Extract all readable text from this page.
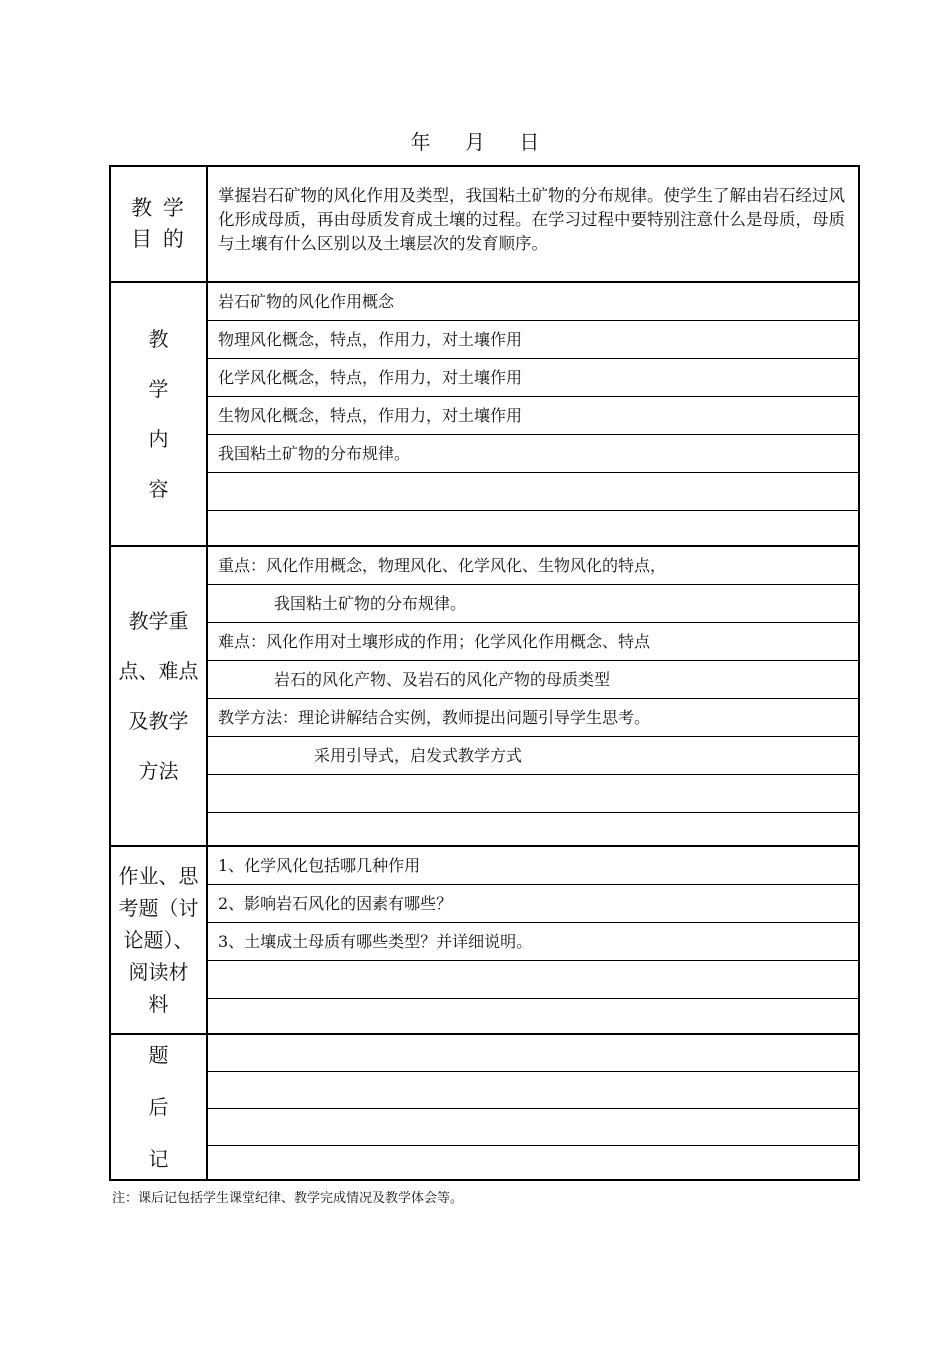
年 月 日
教 学
目 的
掌握岩石矿物的风化作用及类型，我国粘土矿物的分布规律。使学生了解由岩石经过风化形成母质，再由母质发育成土壤的过程。在学习过程中要特别注意什么是母质，母质与土壤有什么区别以及土壤层次的发育顺序。
教
学
内
容
岩石矿物的风化作用概念
物理风化概念，特点，作用力，对土壤作用
化学风化概念，特点，作用力，对土壤作用
生物风化概念，特点，作用力，对土壤作用
我国粘土矿物的分布规律。
教学重
点、难点
及教学
方法
重点：风化作用概念，物理风化、化学风化、生物风化的特点，
我国粘土矿物的分布规律。
难点：风化作用对土壤形成的作用；化学风化作用概念、特点
岩石的风化产物、及岩石的风化产物的母质类型
教学方法：理论讲解结合实例，教师提出问题引导学生思考。
采用引导式，启发式教学方式
作业、思
考题（讨
论题）、
阅读材
料
1、化学风化包括哪几种作用
2、影响岩石风化的因素有哪些？
3、土壤成土母质有哪些类型？并详细说明。
题
后
记
注：课后记包括学生课堂纪律、教学完成情况及教学体会等。
